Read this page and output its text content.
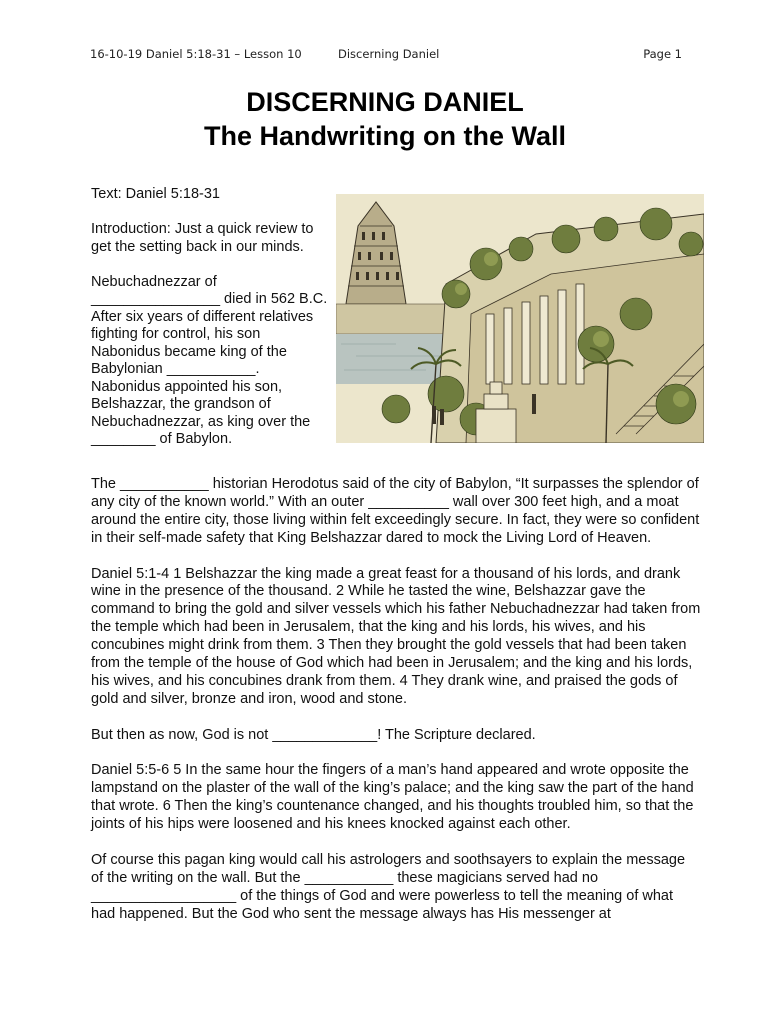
16-10-19 Daniel 5:18-31 – Lesson 10	Discerning Daniel	Page 1
DISCERNING DANIEL
The Handwriting on the Wall

Text: Daniel 5:18-31

Introduction: Just a quick review to get the setting back in our minds.

Nebuchadnezzar of ________________ died in 562 B.C. After six years of different relatives fighting for control, his son Nabonidus became king of the Babylonian ___________. Nabonidus appointed his son, Belshazzar, the grandson of Nebuchadnezzar, as king over the ________ of Babylon.

The ___________ historian Herodotus said of the city of Babylon, “It surpasses the splendor of any city of the known world.” With an outer __________ wall over 300 feet high, and a moat around the entire city, those living within felt exceedingly secure. In fact, they were so confident in their self-made safety that King Belshazzar dared to mock the Living Lord of Heaven.

Daniel 5:1-4 1 Belshazzar the king made a great feast for a thousand of his lords, and drank wine in the presence of the thousand. 2 While he tasted the wine, Belshazzar gave the command to bring the gold and silver vessels which his father Nebuchadnezzar had taken from the temple which had been in Jerusalem, that the king and his lords, his wives, and his concubines might drink from them. 3 Then they brought the gold vessels that had been taken from the temple of the house of God which had been in Jerusalem; and the king and his lords, his wives, and his concubines drank from them. 4 They drank wine, and praised the gods of gold and silver, bronze and iron, wood and stone.

But then as now, God is not _____________! The Scripture declared.

Daniel 5:5-6 5 In the same hour the fingers of a man’s hand appeared and wrote opposite the lampstand on the plaster of the wall of the king’s palace; and the king saw the part of the hand that wrote. 6 Then the king’s countenance changed, and his thoughts troubled him, so that the joints of his hips were loosened and his knees knocked against each other.

Of course this pagan king would call his astrologers and soothsayers to explain the message of the writing on the wall. But the ___________ these magicians served had no __________________ of the things of God and were powerless to tell the meaning of what had happened. But the God who sent the message always has His messenger at
